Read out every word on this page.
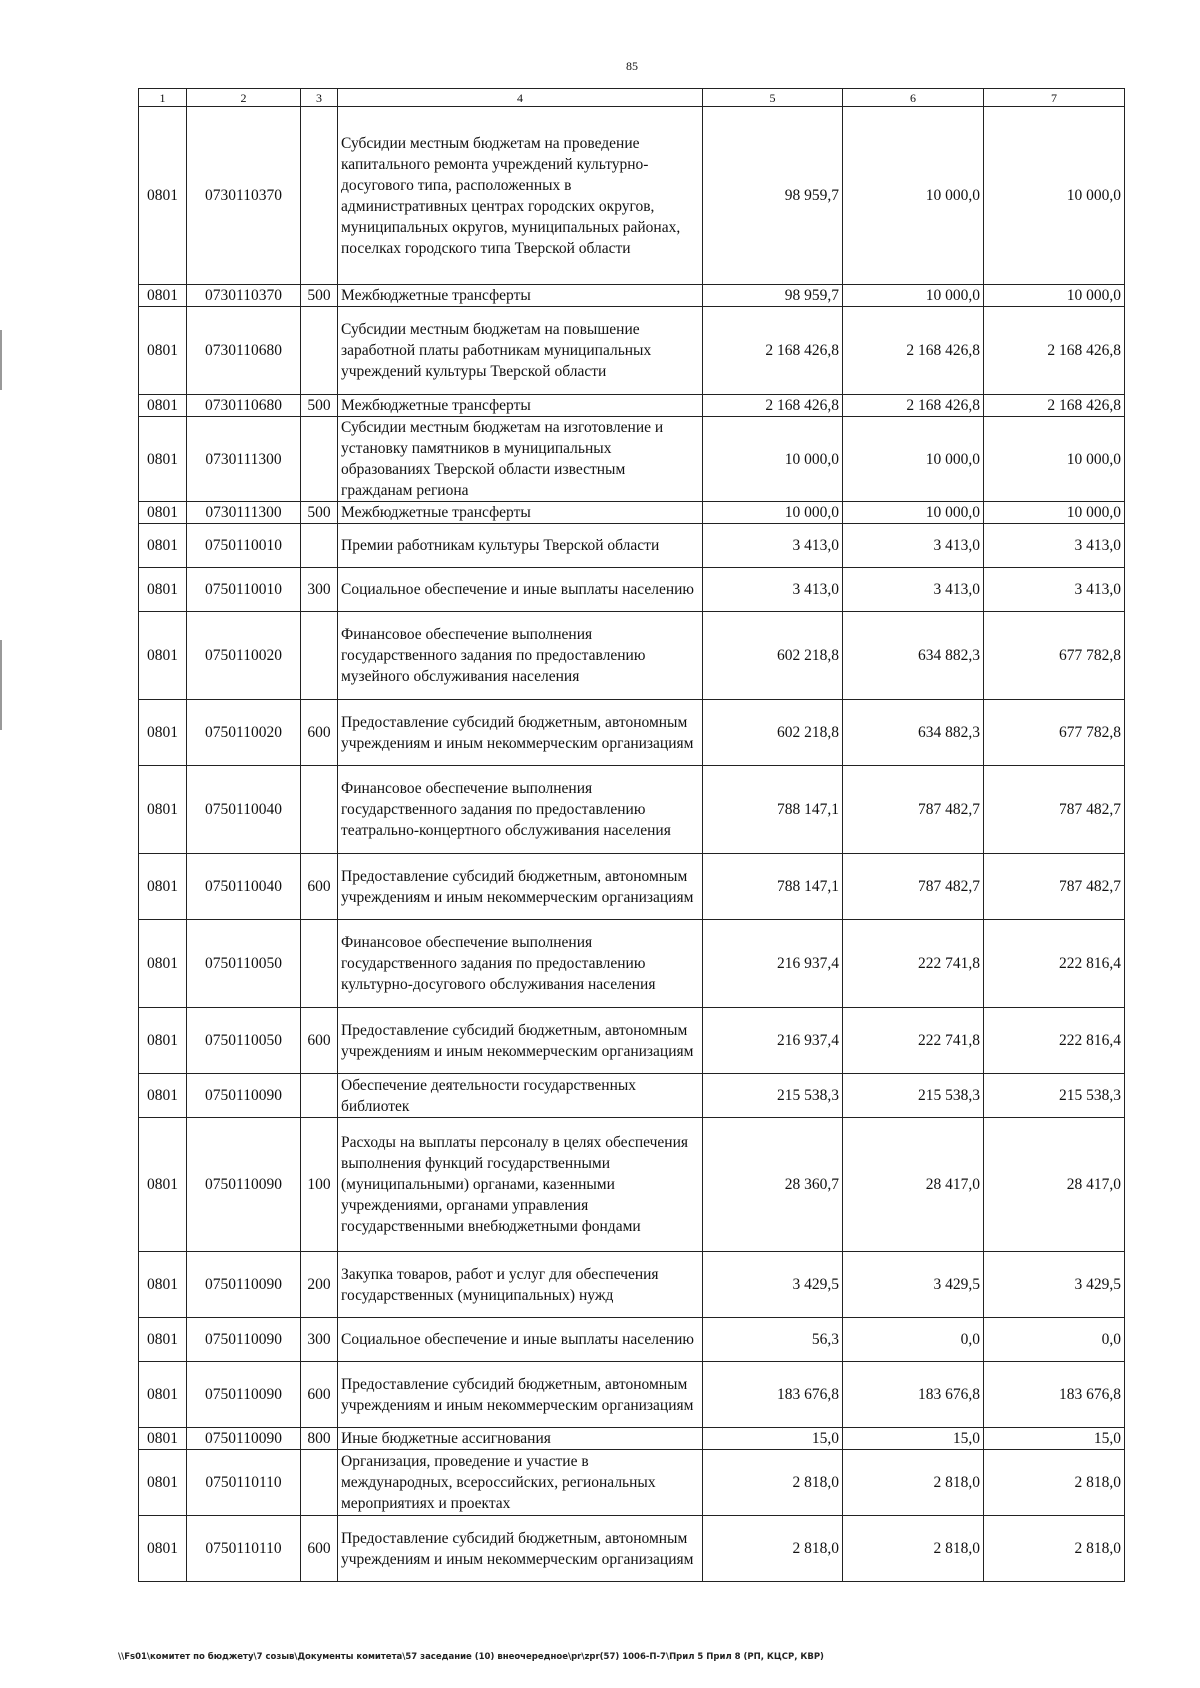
85
1	2	3	4	5	6	7
0801	0730110370		Субсидии местным бюджетам на проведение капитального ремонта учреждений культурно-досугового типа, расположенных в административных центрах городских округов, муниципальных округов, муниципальных районах, поселках городского типа Тверской области	98 959,7	10 000,0	10 000,0
0801	0730110370	500	Межбюджетные трансферты	98 959,7	10 000,0	10 000,0
0801	0730110680		Субсидии местным бюджетам на повышение заработной платы работникам муниципальных учреждений культуры Тверской области	2 168 426,8	2 168 426,8	2 168 426,8
0801	0730110680	500	Межбюджетные трансферты	2 168 426,8	2 168 426,8	2 168 426,8
0801	0730111300		Субсидии местным бюджетам на изготовление и установку памятников в муниципальных образованиях Тверской области известным гражданам региона	10 000,0	10 000,0	10 000,0
0801	0730111300	500	Межбюджетные трансферты	10 000,0	10 000,0	10 000,0
0801	0750110010		Премии работникам культуры Тверской области	3 413,0	3 413,0	3 413,0
0801	0750110010	300	Социальное обеспечение и иные выплаты населению	3 413,0	3 413,0	3 413,0
0801	0750110020		Финансовое обеспечение выполнения государственного задания по предоставлению музейного обслуживания населения	602 218,8	634 882,3	677 782,8
0801	0750110020	600	Предоставление субсидий бюджетным, автономным учреждениям и иным некоммерческим организациям	602 218,8	634 882,3	677 782,8
0801	0750110040		Финансовое обеспечение выполнения государственного задания по предоставлению театрально-концертного обслуживания населения	788 147,1	787 482,7	787 482,7
0801	0750110040	600	Предоставление субсидий бюджетным, автономным учреждениям и иным некоммерческим организациям	788 147,1	787 482,7	787 482,7
0801	0750110050		Финансовое обеспечение выполнения государственного задания по предоставлению культурно-досугового обслуживания населения	216 937,4	222 741,8	222 816,4
0801	0750110050	600	Предоставление субсидий бюджетным, автономным учреждениям и иным некоммерческим организациям	216 937,4	222 741,8	222 816,4
0801	0750110090		Обеспечение деятельности государственных библиотек	215 538,3	215 538,3	215 538,3
0801	0750110090	100	Расходы на выплаты персоналу в целях обеспечения выполнения функций государственными (муниципальными) органами, казенными учреждениями, органами управления государственными внебюджетными фондами	28 360,7	28 417,0	28 417,0
0801	0750110090	200	Закупка товаров, работ и услуг для обеспечения государственных (муниципальных) нужд	3 429,5	3 429,5	3 429,5
0801	0750110090	300	Социальное обеспечение и иные выплаты населению	56,3	0,0	0,0
0801	0750110090	600	Предоставление субсидий бюджетным, автономным учреждениям и иным некоммерческим организациям	183 676,8	183 676,8	183 676,8
0801	0750110090	800	Иные бюджетные ассигнования	15,0	15,0	15,0
0801	0750110110		Организация, проведение и участие в международных, всероссийских, региональных мероприятиях и проектах	2 818,0	2 818,0	2 818,0
0801	0750110110	600	Предоставление субсидий бюджетным, автономным учреждениям и иным некоммерческим организациям	2 818,0	2 818,0	2 818,0
\\Fs01\комитет по бюджету\7 созыв\Документы комитета\57 заседание (10) внеочередное\pr\zpr(57) 1006-П-7\Прил 5 Прил 8 (РП, КЦСР, КВР)
